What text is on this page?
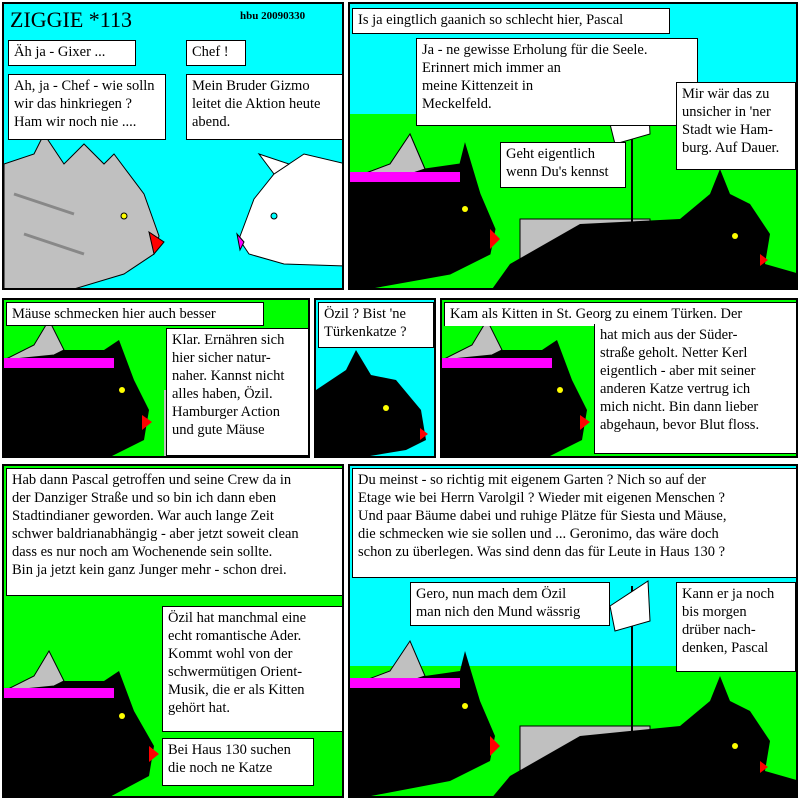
ZIGGIE *113	hbu 20090330
Äh ja - Gixer ...
Ah, ja - Chef - wie solln
wir das hinkriegen ?
Ham wir noch nie ....
Chef !
Mein Bruder Gizmo
leitet die Aktion heute
abend.
Is ja eingtlich gaanich so schlecht hier, Pascal
Ja - ne gewisse Erholung für die Seele.
Erinnert mich immer an
meine Kittenzeit in
Meckelfeld.
Geht eigentlich
wenn Du's kennst
Mir wär das zu
unsicher in 'ner
Stadt wie Ham-
burg. Auf Dauer.
Mäuse schmecken hier auch besser
Klar. Ernähren sich
hier sicher natur-
naher. Kannst nicht
alles haben, Özil.
Hamburger Action
und gute Mäuse
Özil ? Bist 'ne
Türkenkatze ?
Kam als Kitten in St. Georg zu einem Türken. Der
hat mich aus der Süder-
straße geholt. Netter Kerl
eigentlich - aber mit seiner
anderen Katze vertrug ich
mich nicht. Bin dann lieber
abgehaun, bevor Blut floss.
Hab dann Pascal getroffen und seine Crew da in
der Danziger Straße und so bin ich dann eben
Stadtindianer geworden. War auch lange Zeit
schwer baldrianabhängig - aber jetzt soweit clean
dass es nur noch am Wochenende sein sollte.
Bin ja jetzt kein ganz Junger mehr - schon drei.
Özil hat manchmal eine
echt romantische Ader.
Kommt wohl von der
schwermütigen Orient-
Musik, die er als Kitten
gehört hat.
Bei Haus 130 suchen
die noch ne Katze
Du meinst - so richtig mit eigenem Garten ? Nich so auf der
Etage wie bei Herrn Varolgil ? Wieder mit eigenen Menschen ?
Und paar Bäume dabei und ruhige Plätze für Siesta und Mäuse,
die schmecken wie sie sollen und ... Geronimo, das wäre doch
schon zu überlegen. Was sind denn das für Leute in Haus 130 ?
Gero, nun mach dem Özil
man nich den Mund wässrig
Kann er ja noch
bis morgen
drüber nach-
denken, Pascal
